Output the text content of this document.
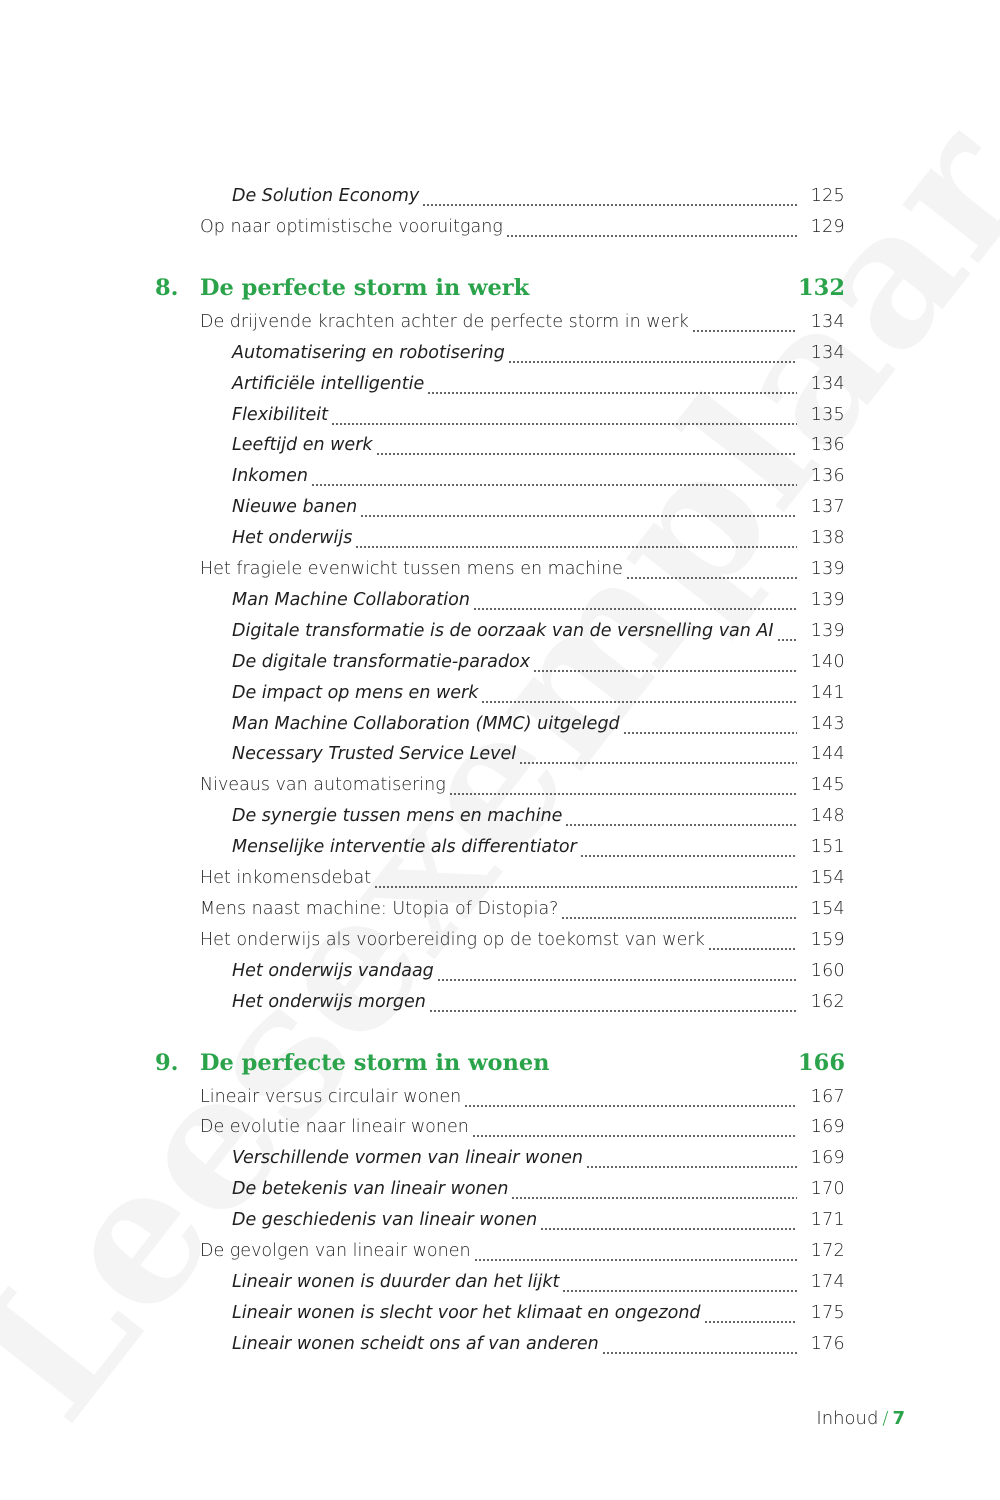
De Solution Economy	125
Op naar optimistische vooruitgang	129
8. De perfecte storm in werk	132
De drijvende krachten achter de perfecte storm in werk	134
Automatisering en robotisering	134
Artificiële intelligentie	134
Flexibiliteit	135
Leeftijd en werk	136
Inkomen	136
Nieuwe banen	137
Het onderwijs	138
Het fragiele evenwicht tussen mens en machine	139
Man Machine Collaboration	139
Digitale transformatie is de oorzaak van de versnelling van AI	139
De digitale transformatie-paradox	140
De impact op mens en werk	141
Man Machine Collaboration (MMC) uitgelegd	143
Necessary Trusted Service Level	144
Niveaus van automatisering	145
De synergie tussen mens en machine	148
Menselijke interventie als differentiator	151
Het inkomensdebat	154
Mens naast machine: Utopia of Distopia?	154
Het onderwijs als voorbereiding op de toekomst van werk	159
Het onderwijs vandaag	160
Het onderwijs morgen	162
9. De perfecte storm in wonen	166
Lineair versus circulair wonen	167
De evolutie naar lineair wonen	169
Verschillende vormen van lineair wonen	169
De betekenis van lineair wonen	170
De geschiedenis van lineair wonen	171
De gevolgen van lineair wonen	172
Lineair wonen is duurder dan het lijkt	174
Lineair wonen is slecht voor het klimaat en ongezond	175
Lineair wonen scheidt ons af van anderen	176
Inhoud / 7
